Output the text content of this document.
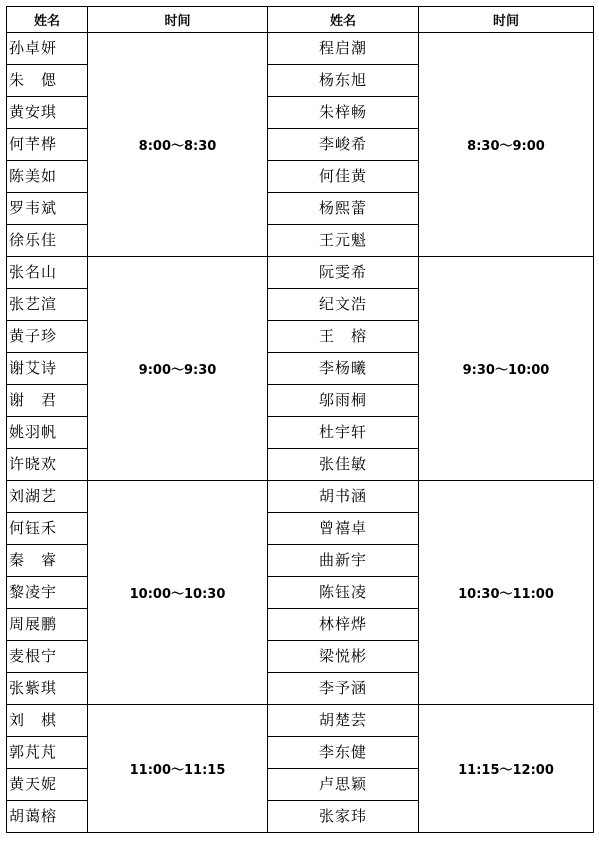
姓名	时间	姓名	时间
孙卓妍	8:00～8:30	程启潮	8:30～9:00
朱　偲		杨东旭	
黄安琪		朱梓畅	
何芊桦		李峻希	
陈美如		何佳黄	
罗韦斌		杨熙蕾	
徐乐佳		王元魁	
张名山	9:00～9:30	阮雯希	9:30～10:00
张艺渲		纪文浩	
黄子珍		王　榕	
谢艾诗		李杨曦	
谢　君		邬雨桐	
姚羽帆		杜宇轩	
许晓欢		张佳敏	
刘湖艺	10:00～10:30	胡书涵	10:30～11:00
何钰禾		曾禧卓	
秦　睿		曲新宇	
黎凌宇		陈钰凌	
周展鹏		林梓烨	
麦根宁		梁悦彬	
张紫琪		李予涵	
刘　棋	11:00～11:15	胡楚芸	11:15～12:00
郭芃芃		李东健	
黄天妮		卢思颖	
胡蔼榕		张家玮	
